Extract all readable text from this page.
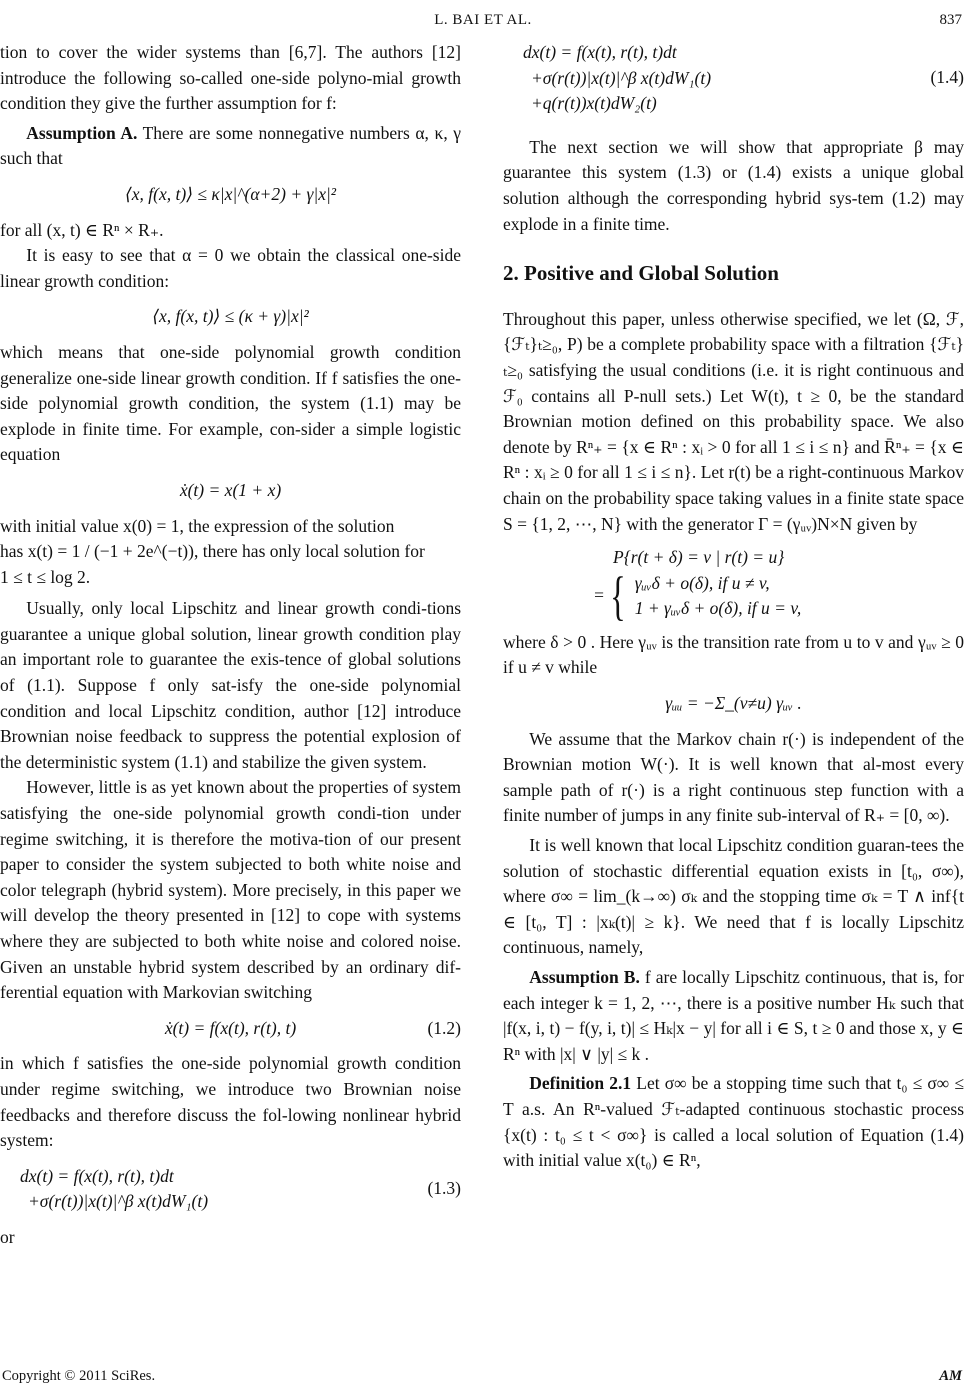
L. BAI ET AL.	837

tion to cover the wider systems than [6,7]. The authors [12] introduce the following so-called one-side polyno-mial growth condition they give the further assumption for f:

Assumption A. There are some nonnegative numbers α, κ, γ such that

⟨x, f(x, t)⟩ ≤ κ|x|^(α+2) + γ|x|²

for all (x, t) ∈ Rⁿ × R₊.

It is easy to see that α = 0 we obtain the classical one-side linear growth condition:

⟨x, f(x, t)⟩ ≤ (κ + γ)|x|²

which means that one-side polynomial growth condition generalize one-side linear growth condition. If f satisfies the one-side polynomial growth condition, the system (1.1) may be explode in finite time. For example, con-sider a simple logistic equation

ẋ(t) = x(1 + x)

with initial value x(0) = 1, the expression of the solution

has x(t) = 1 / (−1 + 2e^(−t)), there has only local solution for

1 ≤ t ≤ log 2.

Usually, only local Lipschitz and linear growth condi-tions guarantee a unique global solution, linear growth condition play an important role to guarantee the exis-tence of global solutions of (1.1). Suppose f only sat-isfy the one-side polynomial condition and local Lipschitz condition, author [12] introduce Brownian noise feedback to suppress the potential explosion of the deterministic system (1.1) and stabilize the given system.

However, little is as yet known about the properties of system satisfying the one-side polynomial growth condi-tion under regime switching, it is therefore the motiva-tion of our present paper to consider the system subjected to both white noise and color telegraph (hybrid system). More precisely, in this paper we will develop the theory presented in [12] to cope with systems where they are subjected to both white noise and colored noise. Given an unstable hybrid system described by an ordinary dif-ferential equation with Markovian switching

ẋ(t) = f(x(t), r(t), t)	(1.2)

in which f satisfies the one-side polynomial growth condition under regime switching, we introduce two Brownian noise feedbacks and therefore discuss the fol-lowing nonlinear hybrid system:

dx(t) = f(x(t), r(t), t)dt
+σ(r(t))|x(t)|^β x(t)dW₁(t)
(1.3)

or

dx(t) = f(x(t), r(t), t)dt
+σ(r(t))|x(t)|^β x(t)dW₁(t)
+q(r(t))x(t)dW₂(t)
(1.4)

The next section we will show that appropriate β may guarantee this system (1.3) or (1.4) exists a unique global solution although the corresponding hybrid sys-tem (1.2) may explode in a finite time.

2. Positive and Global Solution

Throughout this paper, unless otherwise specified, we let (Ω, ℱ, {ℱₜ}ₜ≥₀, P) be a complete probability space with a filtration {ℱₜ}ₜ≥₀ satisfying the usual conditions (i.e. it is right continuous and ℱ₀ contains all P-null sets.) Let W(t), t ≥ 0, be the standard Brownian motion defined on this probability space. We also denote by Rⁿ₊ = {x ∈ Rⁿ : xᵢ > 0 for all 1 ≤ i ≤ n} and R̄ⁿ₊ = {x ∈ Rⁿ : xᵢ ≥ 0 for all 1 ≤ i ≤ n}. Let r(t) be a right-continuous Markov chain on the probability space taking values in a finite state space S = {1, 2, ⋯, N} with the generator Γ = (γᵤᵥ)N×N given by

P{r(t + δ) = v | r(t) = u}
= { γᵤᵥδ + o(δ), if u ≠ v,
1 + γᵤᵥδ + o(δ), if u = v,

where δ > 0 . Here γᵤᵥ is the transition rate from u to v and γᵤᵥ ≥ 0 if u ≠ v while

γᵤᵤ = −Σ_(v≠u) γᵤᵥ .

We assume that the Markov chain r(·) is independent of the Brownian motion W(·). It is well known that al-most every sample path of r(·) is a right continuous step function with a finite number of jumps in any finite sub-interval of R₊ = [0, ∞).

It is well known that local Lipschitz condition guaran-tees the solution of stochastic differential equation exists in [t₀, σ∞), where σ∞ = lim_(k→∞) σₖ and the stopping time σₖ = T ∧ inf{t ∈ [t₀, T] : |xₖ(t)| ≥ k}. We need that f is locally Lipschitz continuous, namely,

Assumption B. f are locally Lipschitz continuous, that is, for each integer k = 1, 2, ⋯, there is a positive number Hₖ such that |f(x, i, t) − f(y, i, t)| ≤ Hₖ|x − y| for all i ∈ S, t ≥ 0 and those x, y ∈ Rⁿ with |x| ∨ |y| ≤ k .

Definition 2.1 Let σ∞ be a stopping time such that t₀ ≤ σ∞ ≤ T a.s. An Rⁿ-valued ℱₜ-adapted continuous stochastic process {x(t) : t₀ ≤ t < σ∞} is called a local solution of Equation (1.4) with initial value x(t₀) ∈ Rⁿ,

Copyright © 2011 SciRes.	AM
